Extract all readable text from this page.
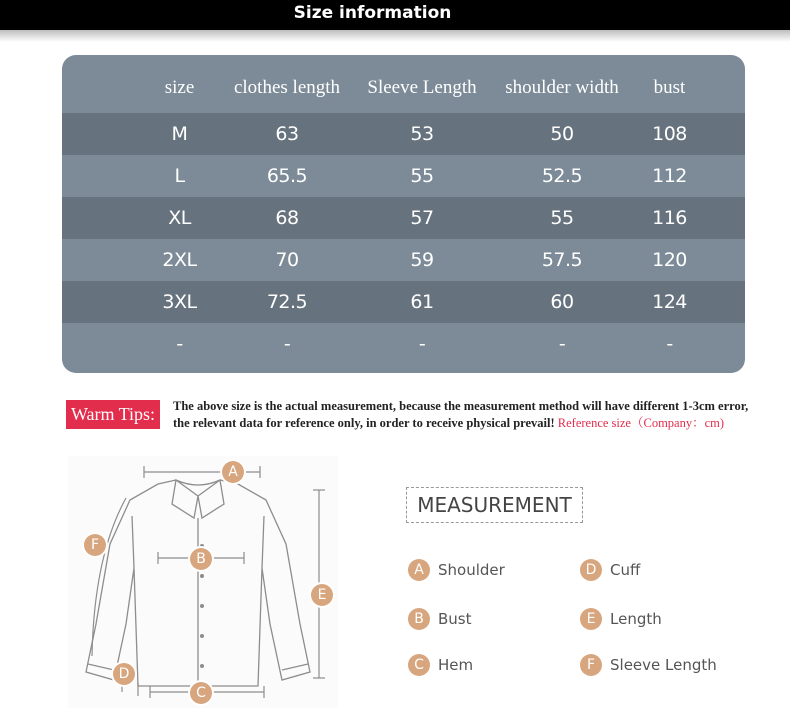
Size information
size	clothes length	Sleeve Length	shoulder width	bust
M	63	53	50	108
L	65.5	55	52.5	112
XL	68	57	55	116
2XL	70	59	57.5	120
3XL	72.5	61	60	124
-	-	-	-	-
Warm Tips:	The above size is the actual measurement, because the measurement method will have different 1-3cm error,
the relevant data for reference only, in order to receive physical prevail! Reference size（Company：cm)
A
B
C
D
E
F
MEASUREMENT
A Shoulder
B Bust
C Hem
D Cuff
E Length
F Sleeve Length
